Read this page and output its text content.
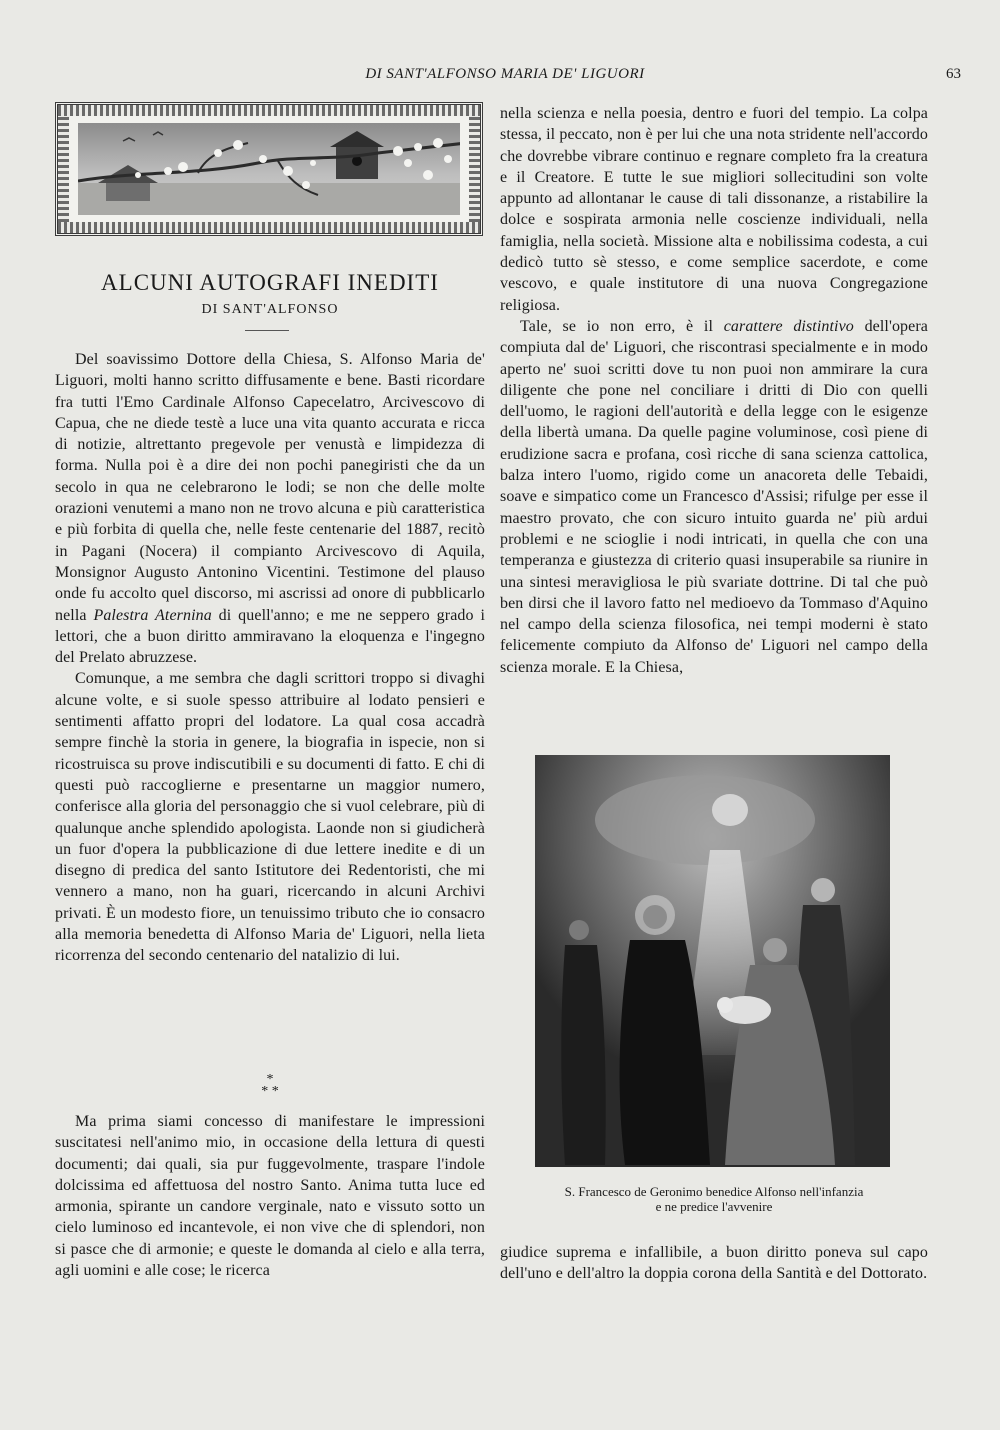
DI SANT'ALFONSO MARIA DE' LIGUORI	63
ALCUNI AUTOGRAFI INEDITI
DI SANT'ALFONSO

Del soavissimo Dottore della Chiesa, S. Alfonso Maria de' Liguori, molti hanno scritto diffusamente e bene. Basti ricordare fra tutti l'Emo Cardinale Alfonso Capecelatro, Arcivescovo di Capua, che ne diede testè a luce una vita quanto accurata e ricca di notizie, altrettanto pregevole per venustà e limpidezza di forma. Nulla poi è a dire dei non pochi panegiristi che da un secolo in qua ne celebrarono le lodi; se non che delle molte orazioni venutemi a mano non ne trovo alcuna e più caratteristica e più forbita di quella che, nelle feste centenarie del 1887, recitò in Pagani (Nocera) il compianto Arcivescovo di Aquila, Monsignor Augusto Antonino Vicentini. Testimone del plauso onde fu accolto quel discorso, mi ascrissi ad onore di pubblicarlo nella Palestra Aternina di quell'anno; e me ne seppero grado i lettori, che a buon diritto ammiravano la eloquenza e l'ingegno del Prelato abruzzese.

Comunque, a me sembra che dagli scrittori troppo si divaghi alcune volte, e si suole spesso attribuire al lodato pensieri e sentimenti affatto propri del lodatore. La qual cosa accadrà sempre finchè la storia in genere, la biografia in ispecie, non si ricostruisca su prove indiscutibili e su documenti di fatto. E chi di questi può raccoglierne e presentarne un maggior numero, conferisce alla gloria del personaggio che si vuol celebrare, più di qualunque anche splendido apologista. Laonde non si giudicherà un fuor d'opera la pubblicazione di due lettere inedite e di un disegno di predica del santo Istitutore dei Redentoristi, che mi vennero a mano, non ha guari, ricercando in alcuni Archivi privati. È un modesto fiore, un tenuissimo tributo che io consacro alla memoria benedetta di Alfonso Maria de' Liguori, nella lieta ricorrenza del secondo centenario del natalizio di lui.

*
* *

Ma prima siami concesso di manifestare le impressioni suscitatesi nell'animo mio, in occasione della lettura di questi documenti; dai quali, sia pur fuggevolmente, traspare l'indole dolcissima ed affettuosa del nostro Santo. Anima tutta luce ed armonia, spirante un candore verginale, nato e vissuto sotto un cielo luminoso ed incantevole, ei non vive che di splendori, non si pasce che di armonie; e queste le domanda al cielo e alla terra, agli uomini e alle cose; le ricerca

nella scienza e nella poesia, dentro e fuori del tempio. La colpa stessa, il peccato, non è per lui che una nota stridente nell'accordo che dovrebbe vibrare continuo e regnare completo fra la creatura e il Creatore. E tutte le sue migliori sollecitudini son volte appunto ad allontanar le cause di tali dissonanze, a ristabilire la dolce e sospirata armonia nelle coscienze individuali, nella famiglia, nella società. Missione alta e nobilissima codesta, a cui dedicò tutto sè stesso, e come semplice sacerdote, e come vescovo, e quale institutore di una nuova Congregazione religiosa.

Tale, se io non erro, è il carattere distintivo dell'opera compiuta dal de' Liguori, che riscontrasi specialmente e in modo aperto ne' suoi scritti dove tu non puoi non ammirare la cura diligente che pone nel conciliare i dritti di Dio con quelli dell'uomo, le ragioni dell'autorità e della legge con le esigenze della libertà umana. Da quelle pagine voluminose, così piene di erudizione sacra e profana, così ricche di sana scienza cattolica, balza intero l'uomo, rigido come un anacoreta delle Tebaidi, soave e simpatico come un Francesco d'Assisi; rifulge per esse il maestro provato, che con sicuro intuito guarda ne' più ardui problemi e ne scioglie i nodi intricati, in quella che con una temperanza e giustezza di criterio quasi insuperabile sa riunire in una sintesi meravigliosa le più svariate dottrine. Di tal che può ben dirsi che il lavoro fatto nel medioevo da Tommaso d'Aquino nel campo della scienza filosofica, nei tempi moderni è stato felicemente compiuto da Alfonso de' Liguori nel campo della scienza morale. E la Chiesa,

S. Francesco de Geronimo benedice Alfonso nell'infanzia
e ne predice l'avvenire

giudice suprema e infallibile, a buon diritto poneva sul capo dell'uno e dell'altro la doppia corona della Santità e del Dottorato.
